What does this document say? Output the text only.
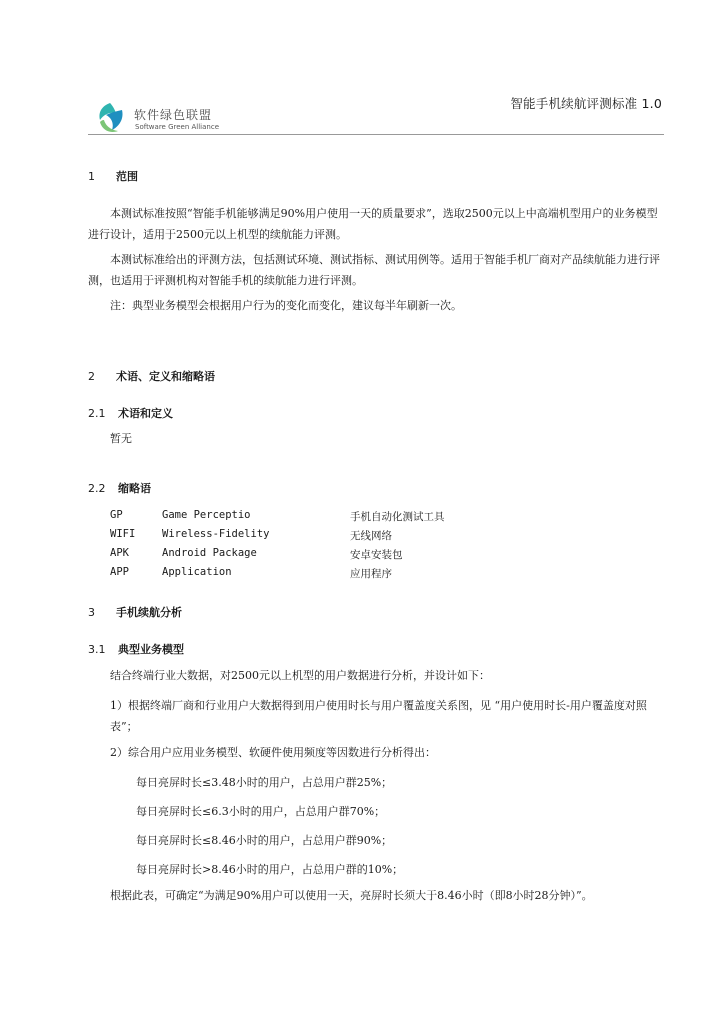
智能手机续航评测标准 1.0
软件绿色联盟
Software Green Alliance
1 范围

本测试标准按照“智能手机能够满足90%用户使用一天的质量要求”，选取2500元以上中高端机型用户的业务模型进行设计，适用于2500元以上机型的续航能力评测。

本测试标准给出的评测方法，包括测试环境、测试指标、测试用例等。适用于智能手机厂商对产品续航能力进行评测，也适用于评测机构对智能手机的续航能力进行评测。

注：典型业务模型会根据用户行为的变化而变化，建议每半年刷新一次。

2 术语、定义和缩略语
2.1 术语和定义

暂无

2.2 缩略语
GP	Game Perceptio	手机自动化测试工具
WIFI	Wireless-Fidelity	无线网络
APK	Android Package	安卓安装包
APP	Application	应用程序
3 手机续航分析
3.1 典型业务模型

结合终端行业大数据，对2500元以上机型的用户数据进行分析，并设计如下：

1）根据终端厂商和行业用户大数据得到用户使用时长与用户覆盖度关系图，见 “用户使用时长-用户覆盖度对照表”；

2）综合用户应用业务模型、软硬件使用频度等因数进行分析得出：

每日亮屏时长≤3.48小时的用户，占总用户群25%；

每日亮屏时长≤6.3小时的用户，占总用户群70%；

每日亮屏时长≤8.46小时的用户，占总用户群90%；

每日亮屏时长>8.46小时的用户，占总用户群的10%；

根据此表，可确定“为满足90%用户可以使用一天，亮屏时长须大于8.46小时（即8小时28分钟）”。
